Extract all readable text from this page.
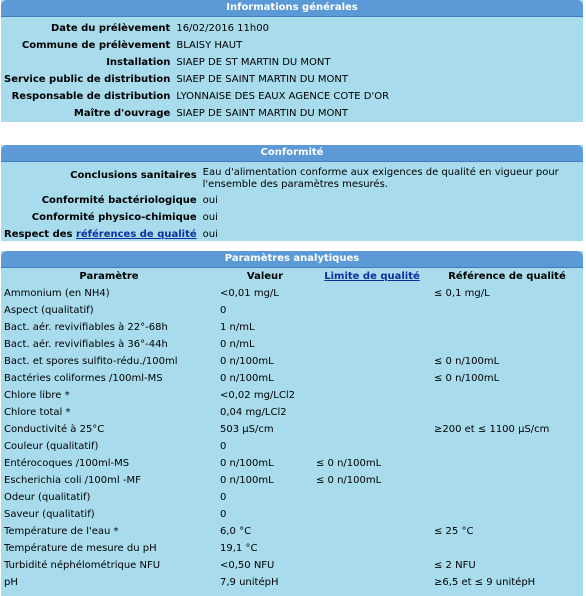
Informations générales
Date du prélèvement	16/02/2016 11h00
Commune de prélèvement	BLAISY HAUT
Installation	SIAEP DE ST MARTIN DU MONT
Service public de distribution	SIAEP DE SAINT MARTIN DU MONT
Responsable de distribution	LYONNAISE DES EAUX AGENCE COTE D'OR
Maître d'ouvrage	SIAEP DE SAINT MARTIN DU MONT
Conformité
Conclusions sanitaires	Eau d'alimentation conforme aux exigences de qualité en vigueur pour l'ensemble des paramètres mesurés.
Conformité bactériologique	oui
Conformité physico-chimique	oui
Respect des références de qualité	oui
Paramètres analytiques
Paramètre	Valeur	Limite de qualité	Référence de qualité
Ammonium (en NH4)	<0,01 mg/L		≤ 0,1 mg/L
Aspect (qualitatif)	0		
Bact. aér. revivifiables à 22°-68h	1 n/mL		
Bact. aér. revivifiables à 36°-44h	0 n/mL		
Bact. et spores sulfito-rédu./100ml	0 n/100mL		≤ 0 n/100mL
Bactéries coliformes /100ml-MS	0 n/100mL		≤ 0 n/100mL
Chlore libre *	<0,02 mg/LCl2		
Chlore total *	0,04 mg/LCl2		
Conductivité à 25°C	503 µS/cm		≥200 et ≤ 1100 µS/cm
Couleur (qualitatif)	0		
Entérocoques /100ml-MS	0 n/100mL	≤ 0 n/100mL	
Escherichia coli /100ml -MF	0 n/100mL	≤ 0 n/100mL	
Odeur (qualitatif)	0		
Saveur (qualitatif)	0		
Température de l'eau *	6,0 °C		≤ 25 °C
Température de mesure du pH	19,1 °C		
Turbidité néphélométrique NFU	<0,50 NFU		≤ 2 NFU
pH	7,9 unitépH		≥6,5 et ≤ 9 unitépH
